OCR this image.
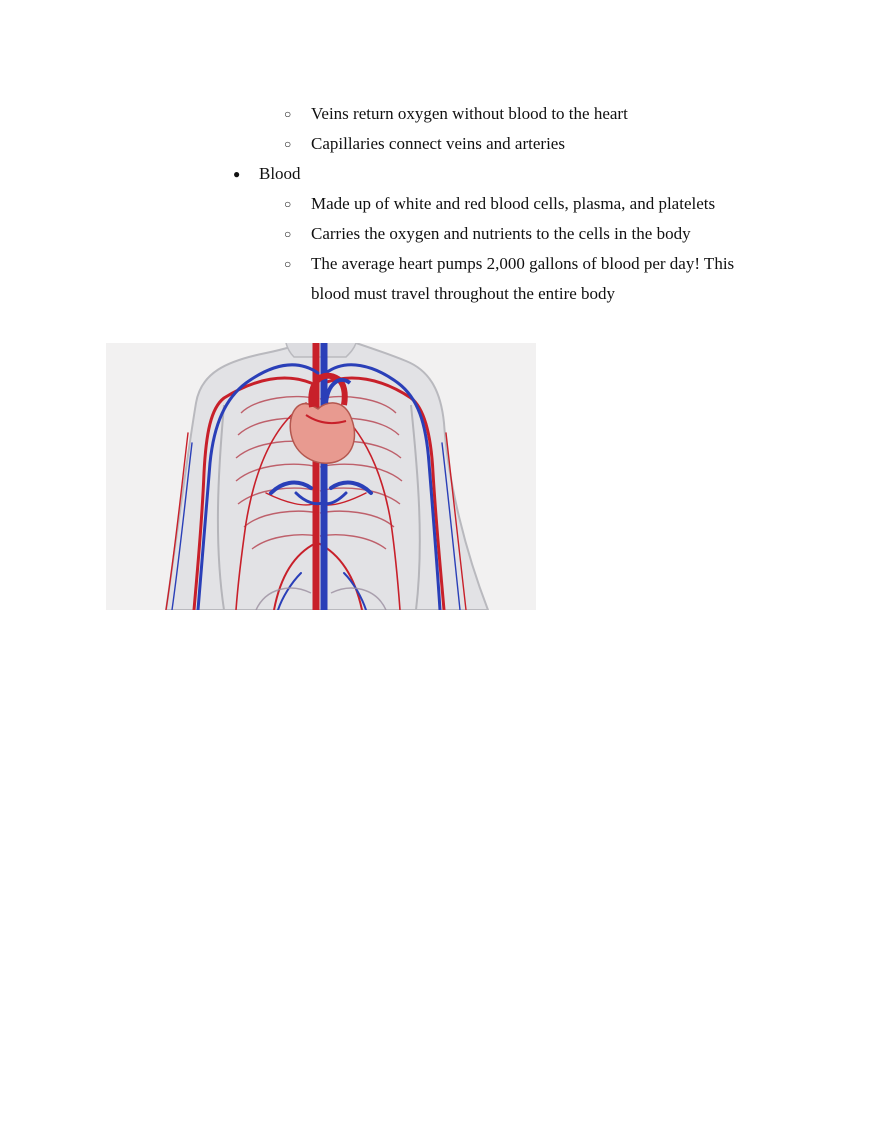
○ Veins return oxygen without blood to the heart
○ Capillaries connect veins and arteries
● Blood
○ Made up of white and red blood cells, plasma, and platelets
○ Carries the oxygen and nutrients to the cells in the body
○ The average heart pumps 2,000 gallons of blood per day! This
blood must travel throughout the entire body
